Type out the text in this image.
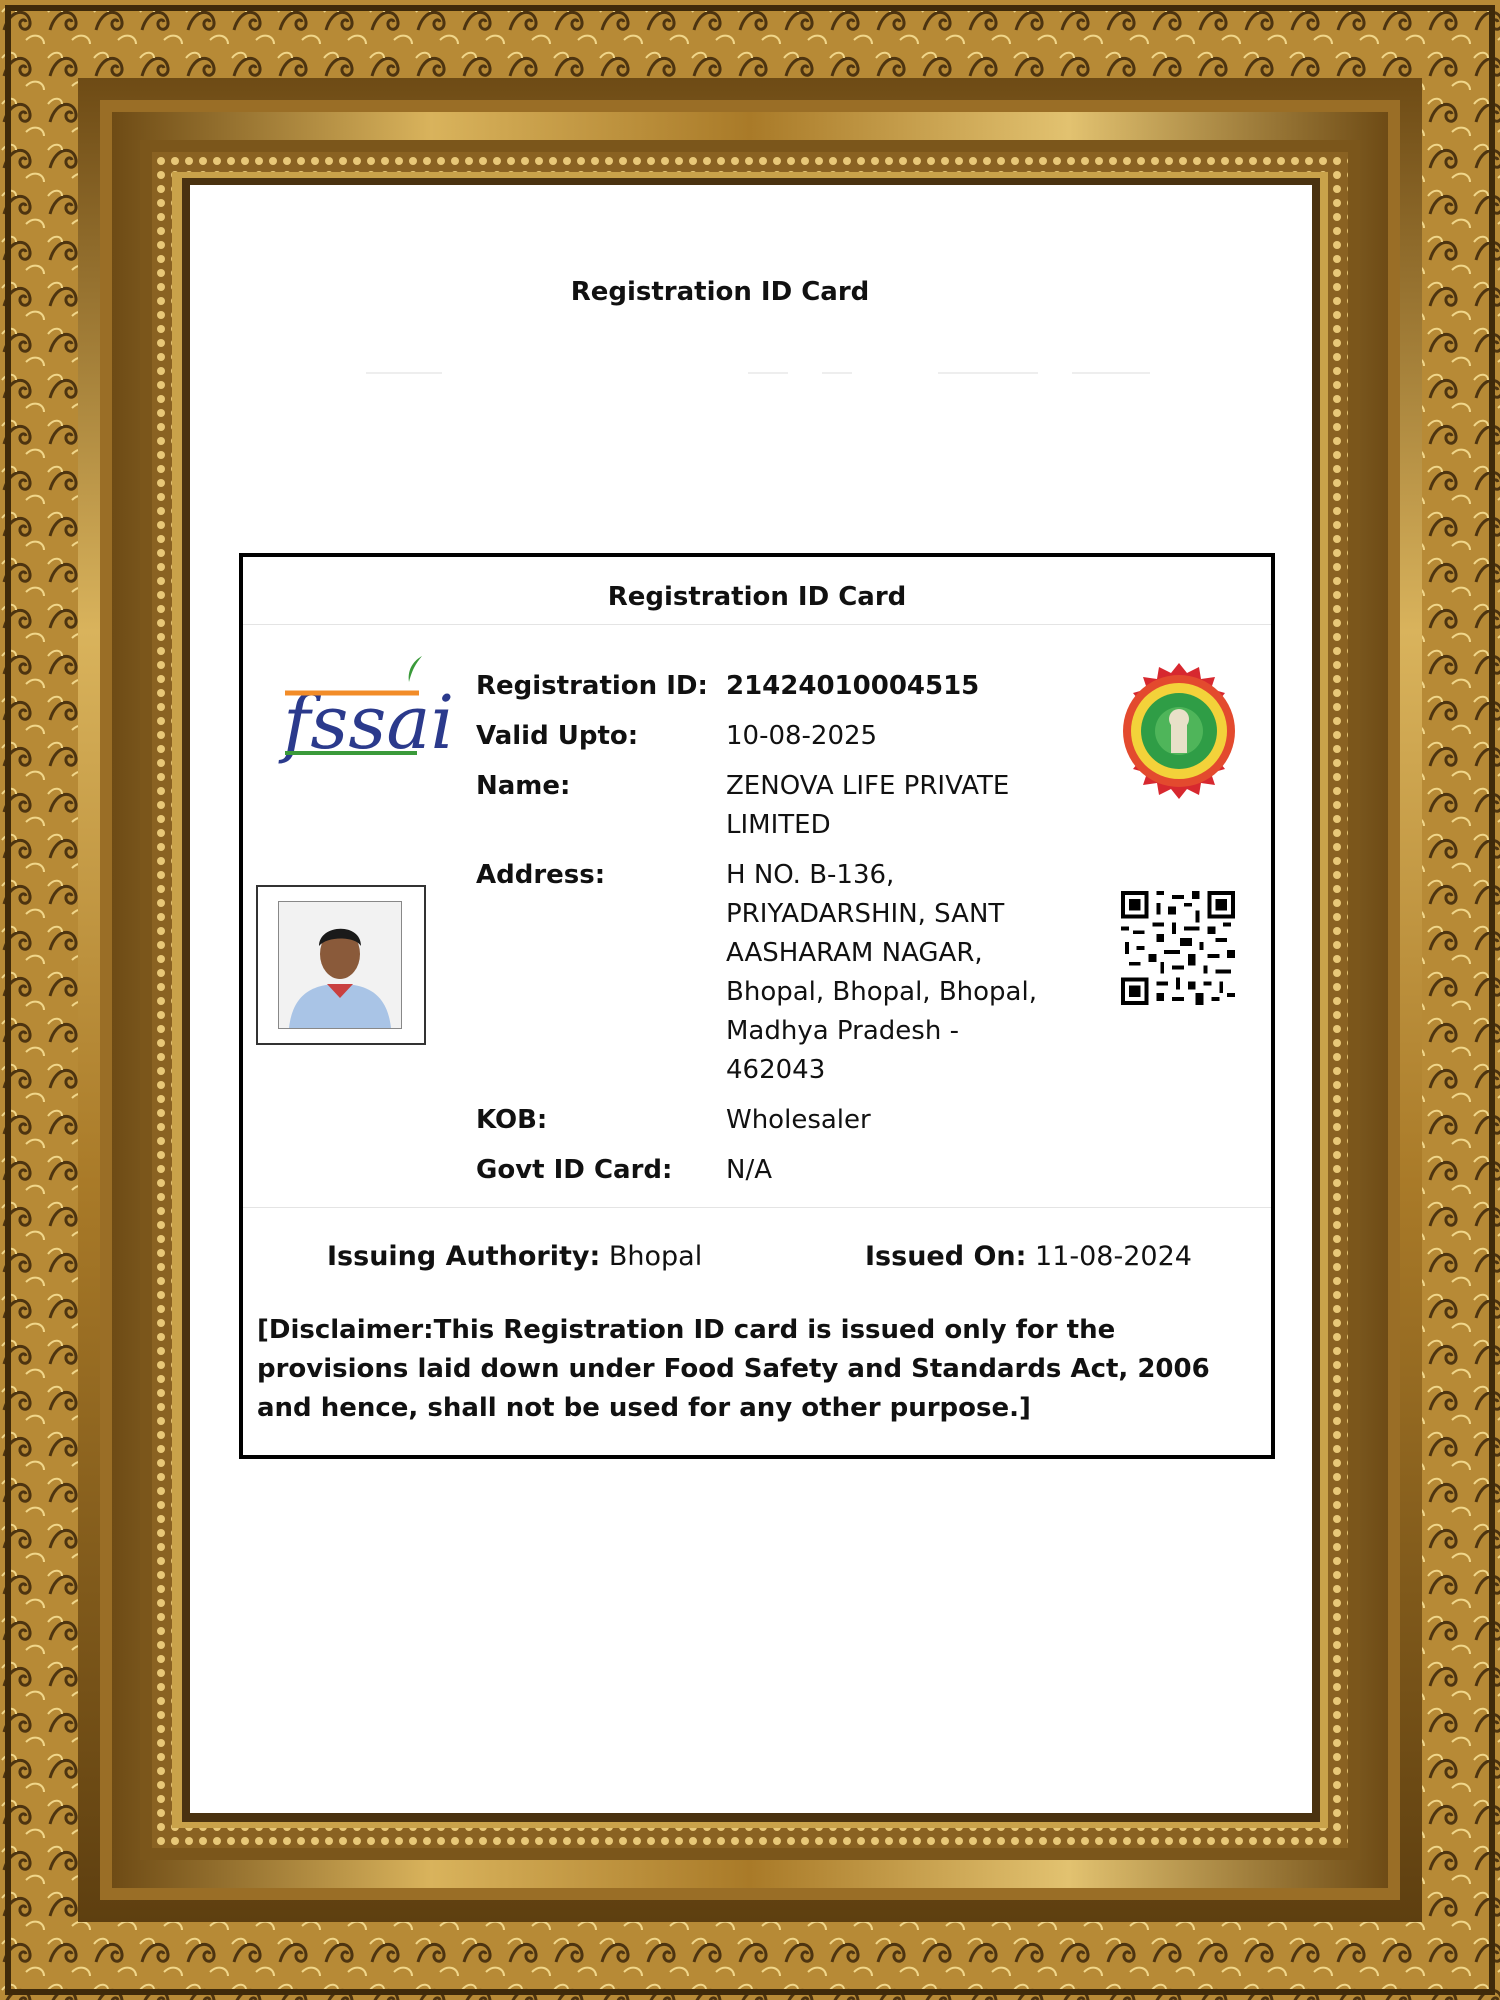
Registration ID Card
Registration ID Card
fssai Registration ID: 21424010004515
Valid Upto:	10-08-2025
Name:	ZENOVA LIFE PRIVATE LIMITED
Address:	H NO. B-136, PRIYADARSHIN, SANT AASHARAM NAGAR, Bhopal, Bhopal, Bhopal, Madhya Pradesh - 462043
KOB:	Wholesaler
Govt ID Card:	N/A
Issuing Authority: Bhopal	Issued On: 11-08-2024
[Disclaimer:This Registration ID card is issued only for the provisions laid down under Food Safety and Standards Act, 2006 and hence, shall not be used for any other purpose.]
